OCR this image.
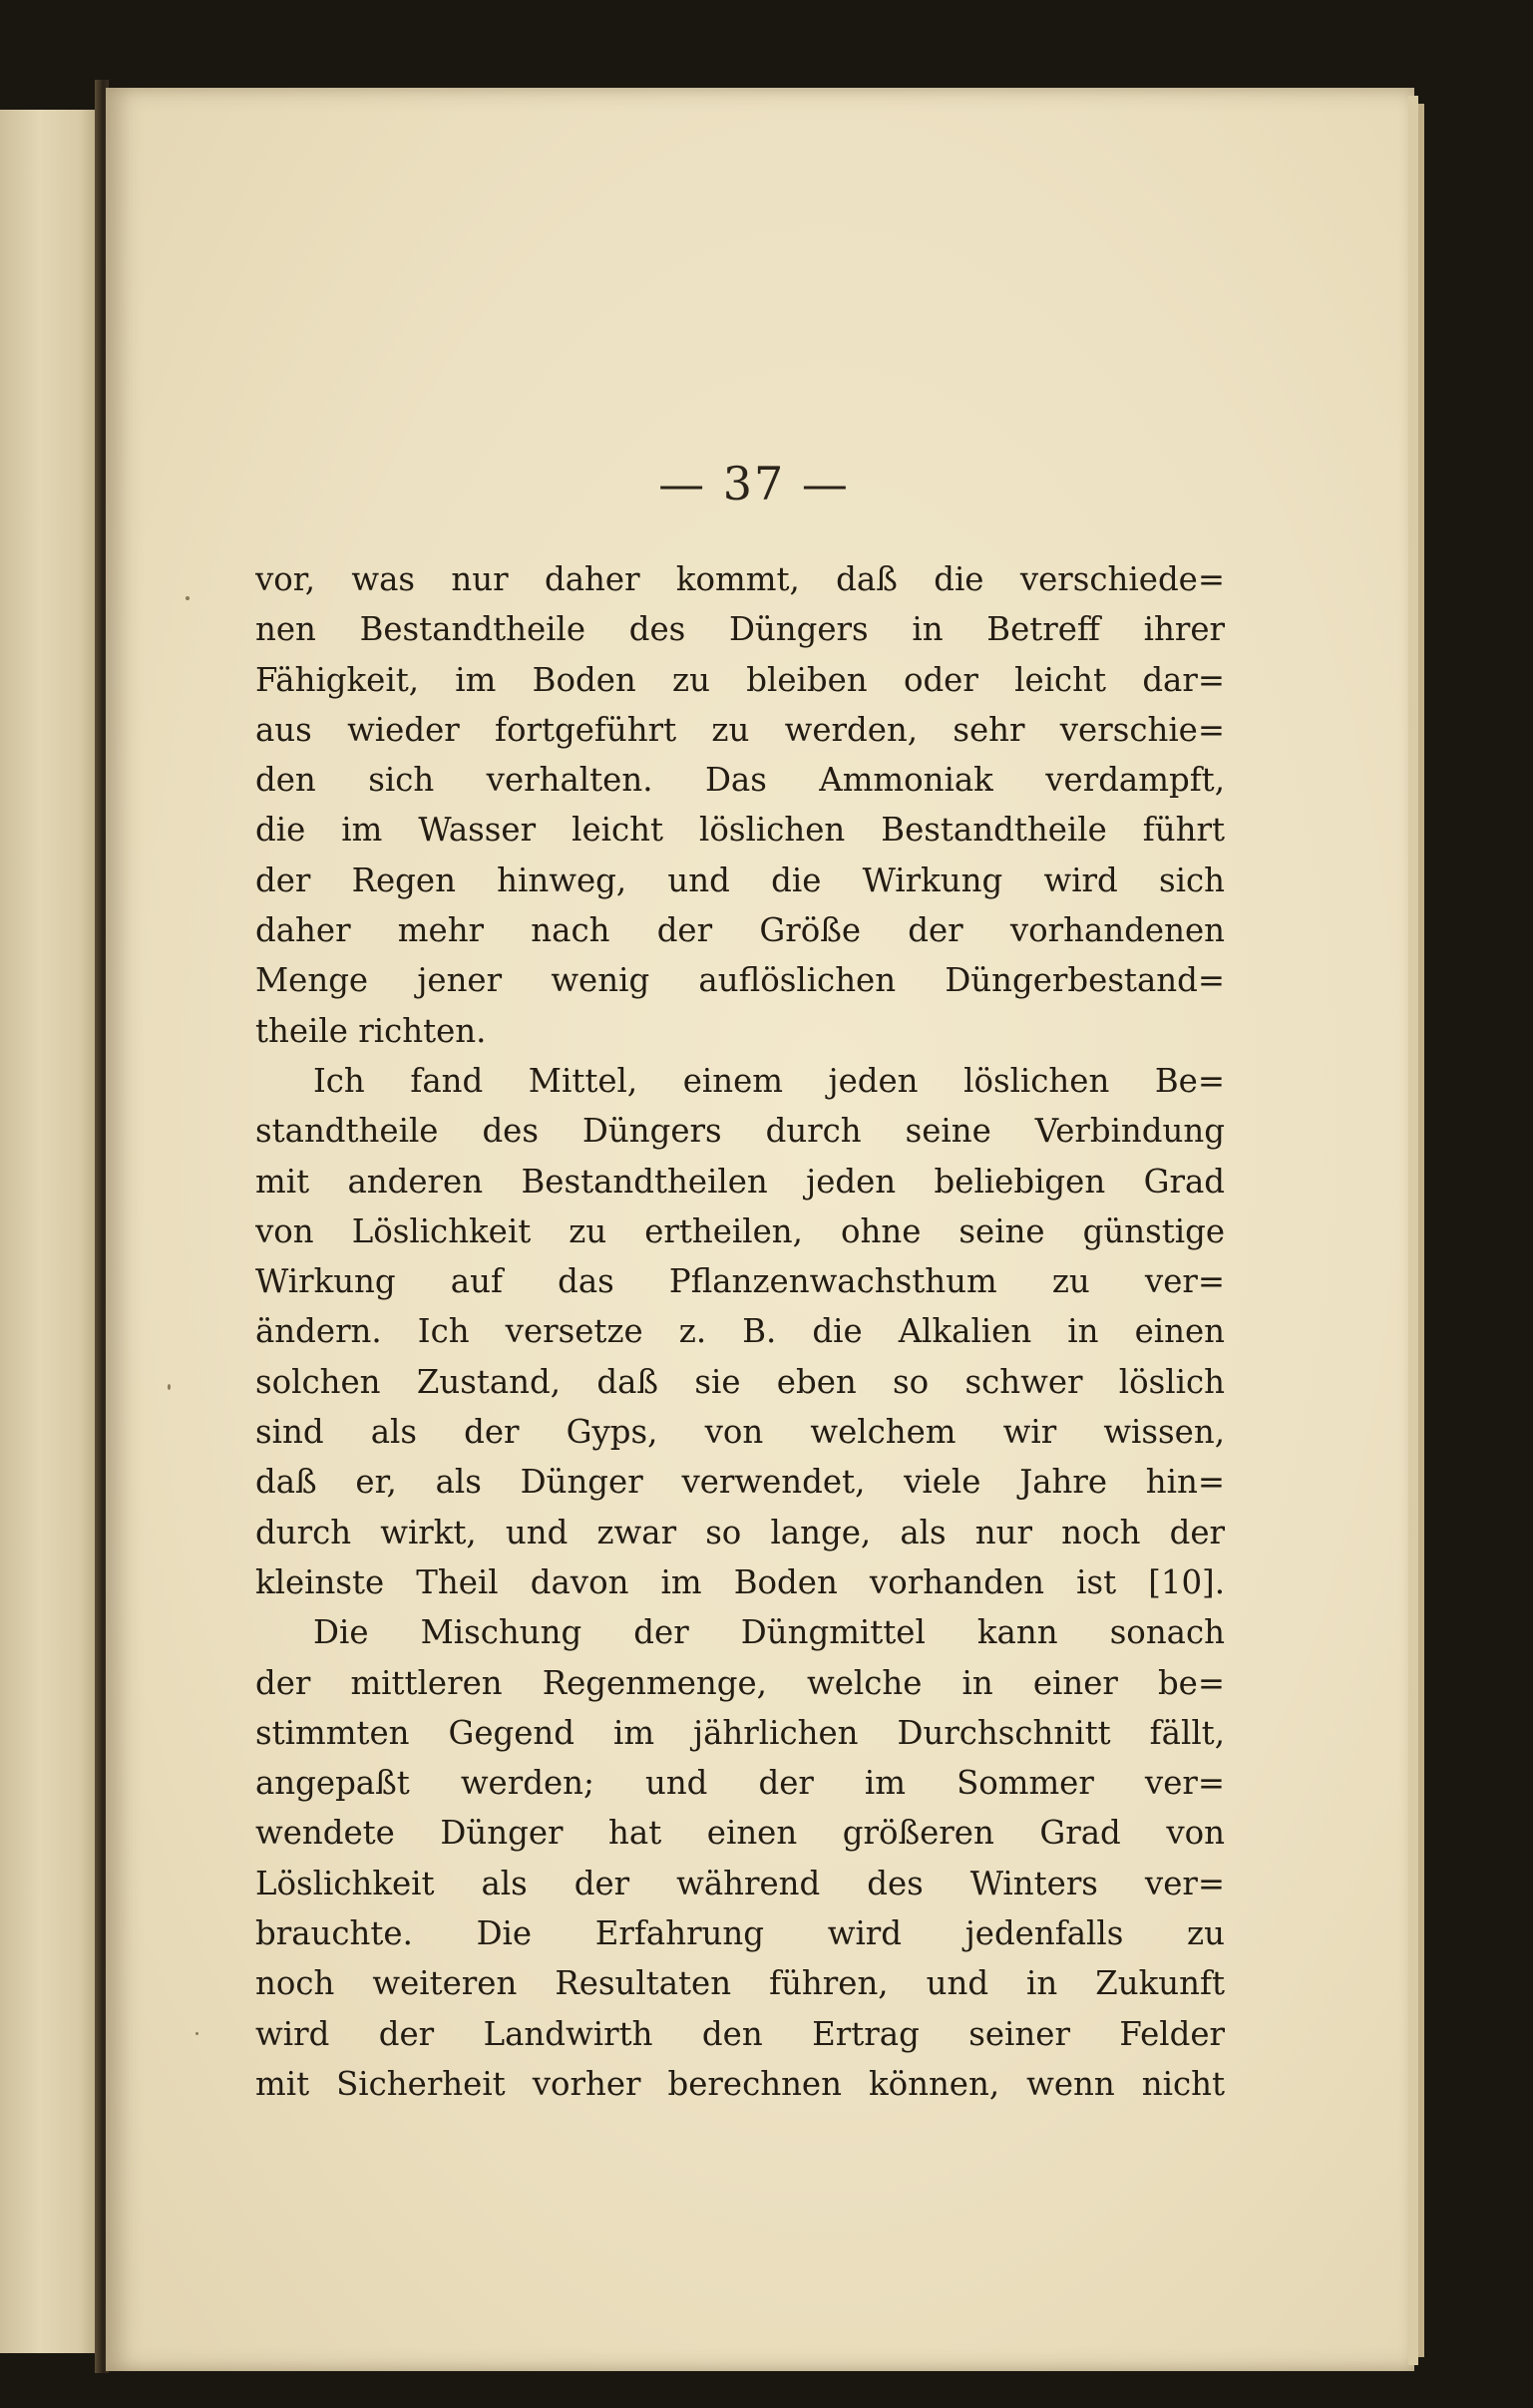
— 37 —
vor, was nur daher kommt, daß die verschiede=
nen Bestandtheile des Düngers in Betreff ihrer
Fähigkeit, im Boden zu bleiben oder leicht dar=
aus wieder fortgeführt zu werden, sehr verschie=
den sich verhalten. Das Ammoniak verdampft,
die im Wasser leicht löslichen Bestandtheile führt
der Regen hinweg, und die Wirkung wird sich
daher mehr nach der Größe der vorhandenen
Menge jener wenig auflöslichen Düngerbestand=
theile richten.
Ich fand Mittel, einem jeden löslichen Be=
standtheile des Düngers durch seine Verbindung
mit anderen Bestandtheilen jeden beliebigen Grad
von Löslichkeit zu ertheilen, ohne seine günstige
Wirkung auf das Pflanzenwachsthum zu ver=
ändern. Ich versetze z. B. die Alkalien in einen
solchen Zustand, daß sie eben so schwer löslich
sind als der Gyps, von welchem wir wissen,
daß er, als Dünger verwendet, viele Jahre hin=
durch wirkt, und zwar so lange, als nur noch der
kleinste Theil davon im Boden vorhanden ist [10].
Die Mischung der Düngmittel kann sonach
der mittleren Regenmenge, welche in einer be=
stimmten Gegend im jährlichen Durchschnitt fällt,
angepaßt werden; und der im Sommer ver=
wendete Dünger hat einen größeren Grad von
Löslichkeit als der während des Winters ver=
brauchte. Die Erfahrung wird jedenfalls zu
noch weiteren Resultaten führen, und in Zukunft
wird der Landwirth den Ertrag seiner Felder
mit Sicherheit vorher berechnen können, wenn nicht
